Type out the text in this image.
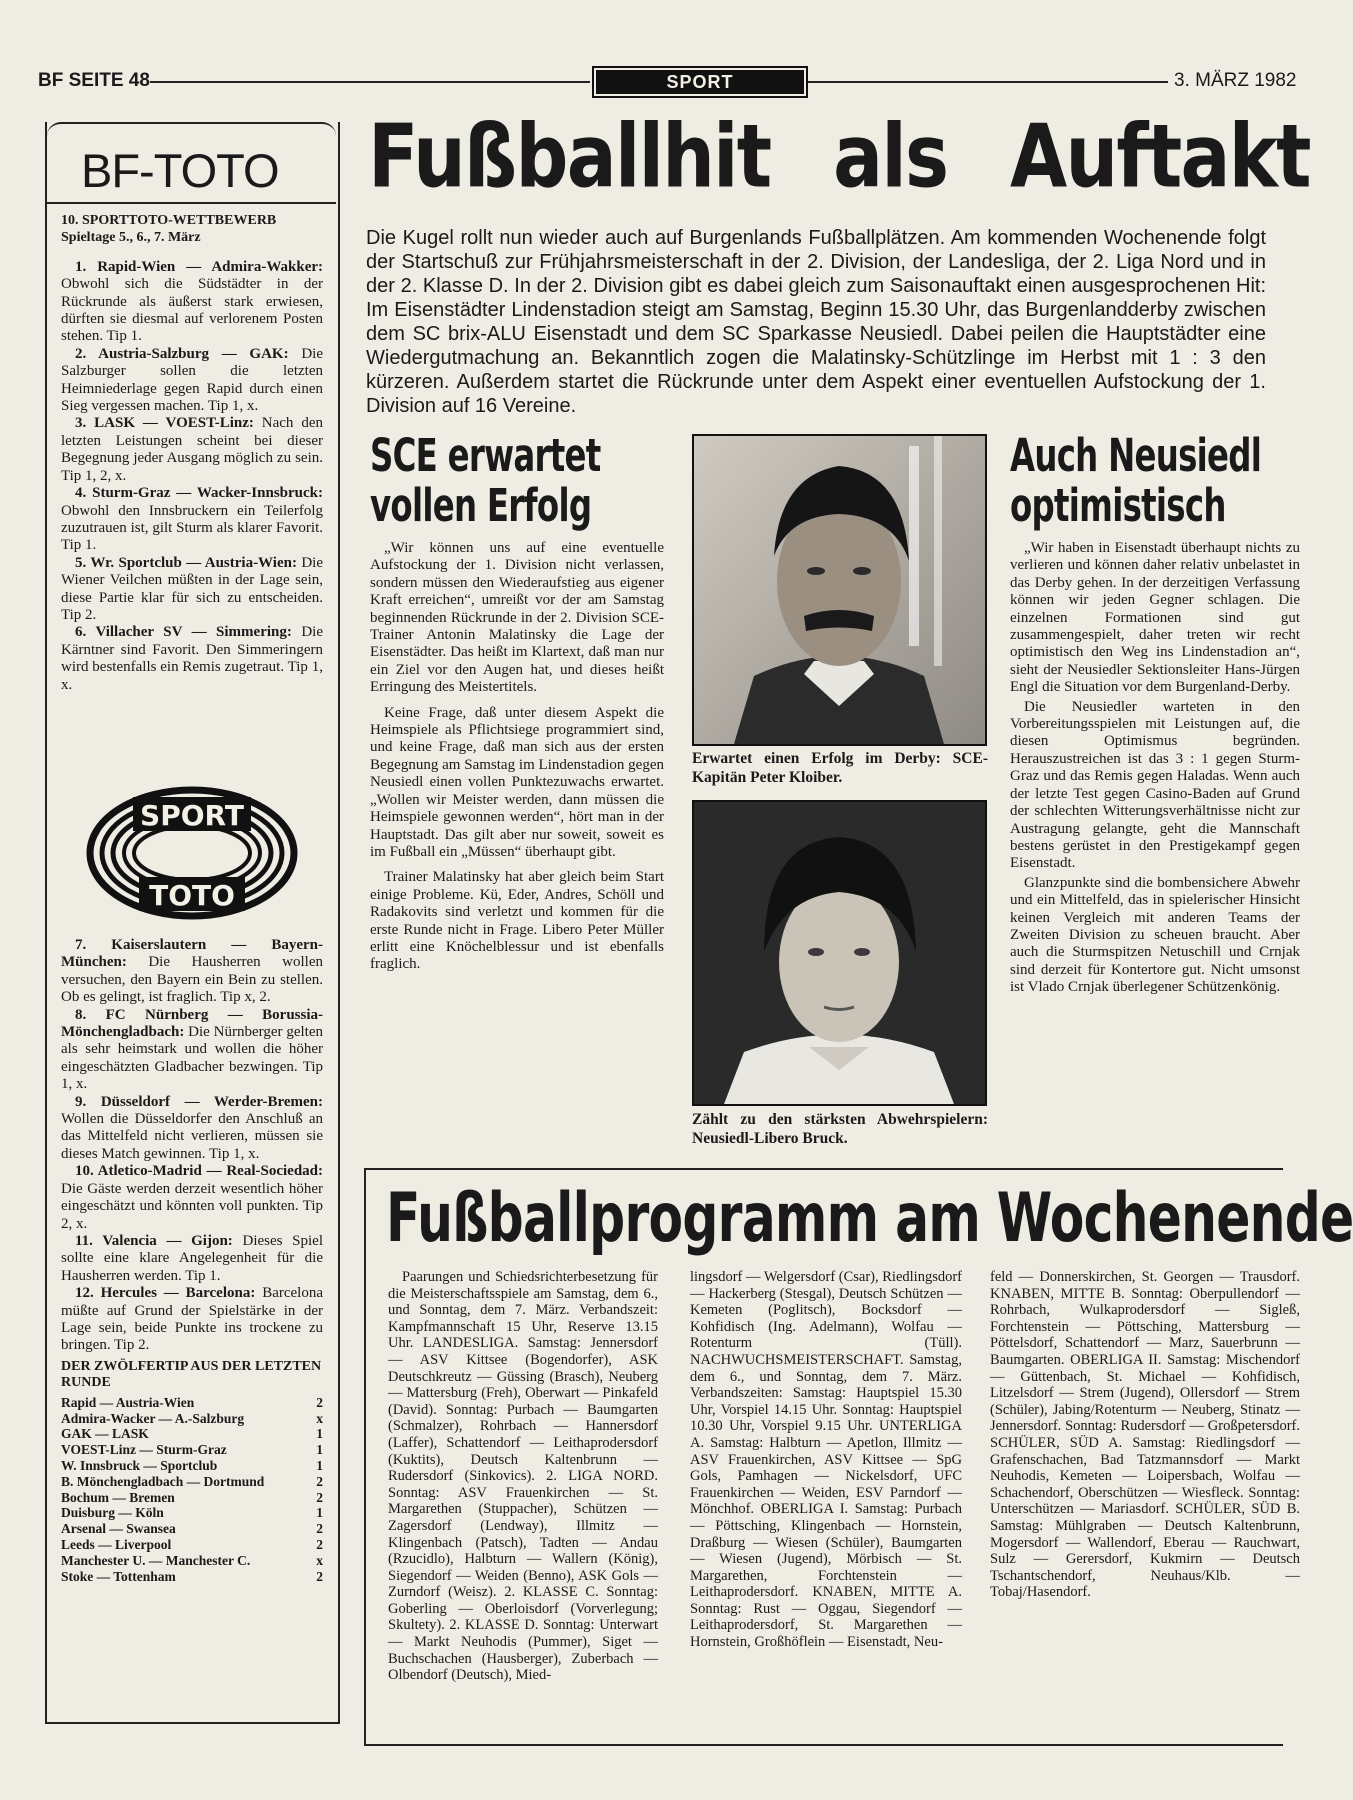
BF SEITE 48	SPORT	3. MÄRZ 1982
BF-TOTO

10. SPORTTOTO-WETTBEWERB

Spieltage 5., 6., 7. März

1. Rapid-Wien — Admira-Wakker: Obwohl sich die Südstädter in der Rückrunde als äußerst stark erwiesen, dürften sie diesmal auf verlorenem Posten stehen. Tip 1.

2. Austria-Salzburg — GAK: Die Salzburger sollen die letzten Heimniederlage gegen Rapid durch einen Sieg vergessen machen. Tip 1, x.

3. LASK — VOEST-Linz: Nach den letzten Leistungen scheint bei dieser Begegnung jeder Ausgang möglich zu sein. Tip 1, 2, x.

4. Sturm-Graz — Wacker-Innsbruck: Obwohl den Innsbruckern ein Teilerfolg zuzutrauen ist, gilt Sturm als klarer Favorit. Tip 1.

5. Wr. Sportclub — Austria-Wien: Die Wiener Veilchen müßten in der Lage sein, diese Partie klar für sich zu entscheiden. Tip 2.

6. Villacher SV — Simmering: Die Kärntner sind Favorit. Den Simmeringern wird bestenfalls ein Remis zugetraut. Tip 1, x.

SPORT
TOTO

7. Kaiserslautern — Bayern-München: Die Hausherren wollen versuchen, den Bayern ein Bein zu stellen. Ob es gelingt, ist fraglich. Tip x, 2.

8. FC Nürnberg — Borussia-Mönchengladbach: Die Nürnberger gelten als sehr heimstark und wollen die höher eingeschätzten Gladbacher bezwingen. Tip 1, x.

9. Düsseldorf — Werder-Bremen: Wollen die Düsseldorfer den Anschluß an das Mittelfeld nicht verlieren, müssen sie dieses Match gewinnen. Tip 1, x.

10. Atletico-Madrid — Real-Sociedad: Die Gäste werden derzeit wesentlich höher eingeschätzt und könnten voll punkten. Tip 2, x.

11. Valencia — Gijon: Dieses Spiel sollte eine klare Angelegenheit für die Hausherren werden. Tip 1.

12. Hercules — Barcelona: Barcelona müßte auf Grund der Spielstärke in der Lage sein, beide Punkte ins trockene zu bringen. Tip 2.

DER ZWÖLFERTIP AUS DER LETZTEN RUNDE

Rapid — Austria-Wien	2
Admira-Wacker — A.-Salzburg	x
GAK — LASK	1
VOEST-Linz — Sturm-Graz	1
W. Innsbruck — Sportclub	1
B. Mönchengladbach — Dortmund	2
Bochum — Bremen	2
Duisburg — Köln	1
Arsenal — Swansea	2
Leeds — Liverpool	2
Manchester U. — Manchester C.	x
Stoke — Tottenham	2
Fußballhit als Auftakt

Die Kugel rollt nun wieder auch auf Burgenlands Fußballplätzen. Am kommenden Wochenende folgt der Startschuß zur Frühjahrsmeisterschaft in der 2. Division, der Landesliga, der 2. Liga Nord und in der 2. Klasse D. In der 2. Division gibt es dabei gleich zum Saisonauftakt einen ausgesprochenen Hit: Im Eisenstädter Lindenstadion steigt am Samstag, Beginn 15.30 Uhr, das Burgenlandderby zwischen dem SC brix-ALU Eisenstadt und dem SC Sparkasse Neusiedl. Dabei peilen die Hauptstädter eine Wiedergutmachung an. Bekanntlich zogen die Malatinsky-Schützlinge im Herbst mit 1 : 3 den kürzeren. Außerdem startet die Rückrunde unter dem Aspekt einer eventuellen Aufstockung der 1. Division auf 16 Vereine.

SCE erwartet
vollen Erfolg

„Wir können uns auf eine eventuelle Aufstockung der 1. Division nicht verlassen, sondern müssen den Wiederaufstieg aus eigener Kraft erreichen“, umreißt vor der am Samstag beginnenden Rückrunde in der 2. Division SCE-Trainer Antonin Malatinsky die Lage der Eisenstädter. Das heißt im Klartext, daß man nur ein Ziel vor den Augen hat, und dieses heißt Erringung des Meistertitels.

Keine Frage, daß unter diesem Aspekt die Heimspiele als Pflichtsiege programmiert sind, und keine Frage, daß man sich aus der ersten Begegnung am Samstag im Lindenstadion gegen Neusiedl einen vollen Punktezuwachs erwartet. „Wollen wir Meister werden, dann müssen die Heimspiele gewonnen werden“, hört man in der Hauptstadt. Das gilt aber nur soweit, soweit es im Fußball ein „Müssen“ überhaupt gibt.

Trainer Malatinsky hat aber gleich beim Start einige Probleme. Kü, Eder, Andres, Schöll und Radakovits sind verletzt und kommen für die erste Runde nicht in Frage. Libero Peter Müller erlitt eine Knöchelblessur und ist ebenfalls fraglich.

Erwartet einen Erfolg im Derby: SCE-Kapitän Peter Kloiber.

Zählt zu den stärksten Abwehrspielern: Neusiedl-Libero Bruck.

Auch Neusiedl
optimistisch

„Wir haben in Eisenstadt überhaupt nichts zu verlieren und können daher relativ unbelastet in das Derby gehen. In der derzeitigen Verfassung können wir jeden Gegner schlagen. Die einzelnen Formationen sind gut zusammengespielt, daher treten wir recht optimistisch den Weg ins Lindenstadion an“, sieht der Neusiedler Sektionsleiter Hans-Jürgen Engl die Situation vor dem Burgenland-Derby.

Die Neusiedler warteten in den Vorbereitungsspielen mit Leistungen auf, die diesen Optimismus begründen. Herauszustreichen ist das 3 : 1 gegen Sturm-Graz und das Remis gegen Haladas. Wenn auch der letzte Test gegen Casino-Baden auf Grund der schlechten Witterungsverhältnisse nicht zur Austragung gelangte, geht die Mannschaft bestens gerüstet in den Prestigekampf gegen Eisenstadt.

Glanzpunkte sind die bombensichere Abwehr und ein Mittelfeld, das in spielerischer Hinsicht keinen Vergleich mit anderen Teams der Zweiten Division zu scheuen braucht. Aber auch die Sturmspitzen Netuschill und Crnjak sind derzeit für Kontertore gut. Nicht umsonst ist Vlado Crnjak überlegener Schützenkönig.

Fußballprogramm am Wochenende

Paarungen und Schiedsrichterbesetzung für die Meisterschaftsspiele am Samstag, dem 6., und Sonntag, dem 7. März. Verbandszeit: Kampfmannschaft 15 Uhr, Reserve 13.15 Uhr. LANDESLIGA. Samstag: Jennersdorf — ASV Kittsee (Bogendorfer), ASK Deutschkreutz — Güssing (Brasch), Neuberg — Mattersburg (Freh), Oberwart — Pinkafeld (David). Sonntag: Purbach — Baumgarten (Schmalzer), Rohrbach — Hannersdorf (Laffer), Schattendorf — Leithaprodersdorf (Kuktits), Deutsch Kaltenbrunn — Rudersdorf (Sinkovics). 2. LIGA NORD. Sonntag: ASV Frauenkirchen — St. Margarethen (Stuppacher), Schützen — Zagersdorf (Lendway), Illmitz — Klingenbach (Patsch), Tadten — Andau (Rzucidlo), Halbturn — Wallern (König), Siegendorf — Weiden (Benno), ASK Gols — Zurndorf (Weisz). 2. KLASSE C. Sonntag: Goberling — Oberloisdorf (Vorverlegung; Skultety). 2. KLASSE D. Sonntag: Unterwart — Markt Neuhodis (Pummer), Siget — Buchschachen (Hausberger), Zuberbach — Olbendorf (Deutsch), Mied-

lingsdorf — Welgersdorf (Csar), Riedlingsdorf — Hackerberg (Stesgal), Deutsch Schützen — Kemeten (Poglitsch), Bocksdorf — Kohfidisch (Ing. Adelmann), Wolfau — Rotenturm (Tüll). NACHWUCHSMEISTERSCHAFT. Samstag, dem 6., und Sonntag, dem 7. März. Verbandszeiten: Samstag: Hauptspiel 15.30 Uhr, Vorspiel 14.15 Uhr. Sonntag: Hauptspiel 10.30 Uhr, Vorspiel 9.15 Uhr. UNTERLIGA A. Samstag: Halbturn — Apetlon, Illmitz — ASV Frauenkirchen, ASV Kittsee — SpG Gols, Pamhagen — Nickelsdorf, UFC Frauenkirchen — Weiden, ESV Parndorf — Mönchhof. OBERLIGA I. Samstag: Purbach — Pöttsching, Klingenbach — Hornstein, Draßburg — Wiesen (Schüler), Baumgarten — Wiesen (Jugend), Mörbisch — St. Margarethen, Forchtenstein — Leithaprodersdorf. KNABEN, MITTE A. Sonntag: Rust — Oggau, Siegendorf — Leithaprodersdorf, St. Margarethen — Hornstein, Großhöflein — Eisenstadt, Neu-

feld — Donnerskirchen, St. Georgen — Trausdorf. KNABEN, MITTE B. Sonntag: Oberpullendorf — Rohrbach, Wulkaprodersdorf — Sigleß, Forchtenstein — Pöttsching, Mattersburg — Pöttelsdorf, Schattendorf — Marz, Sauerbrunn — Baumgarten. OBERLIGA II. Samstag: Mischendorf — Güttenbach, St. Michael — Kohfidisch, Litzelsdorf — Strem (Jugend), Ollersdorf — Strem (Schüler), Jabing/Rotenturm — Neuberg, Stinatz — Jennersdorf. Sonntag: Rudersdorf — Großpetersdorf. SCHÜLER, SÜD A. Samstag: Riedlingsdorf — Grafenschachen, Bad Tatzmannsdorf — Markt Neuhodis, Kemeten — Loipersbach, Wolfau — Schachendorf, Oberschützen — Wiesfleck. Sonntag: Unterschützen — Mariasdorf. SCHÜLER, SÜD B. Samstag: Mühlgraben — Deutsch Kaltenbrunn, Mogersdorf — Wallendorf, Eberau — Rauchwart, Sulz — Gerersdorf, Kukmirn — Deutsch Tschantschendorf, Neuhaus/Klb. — Tobaj/Hasendorf.
